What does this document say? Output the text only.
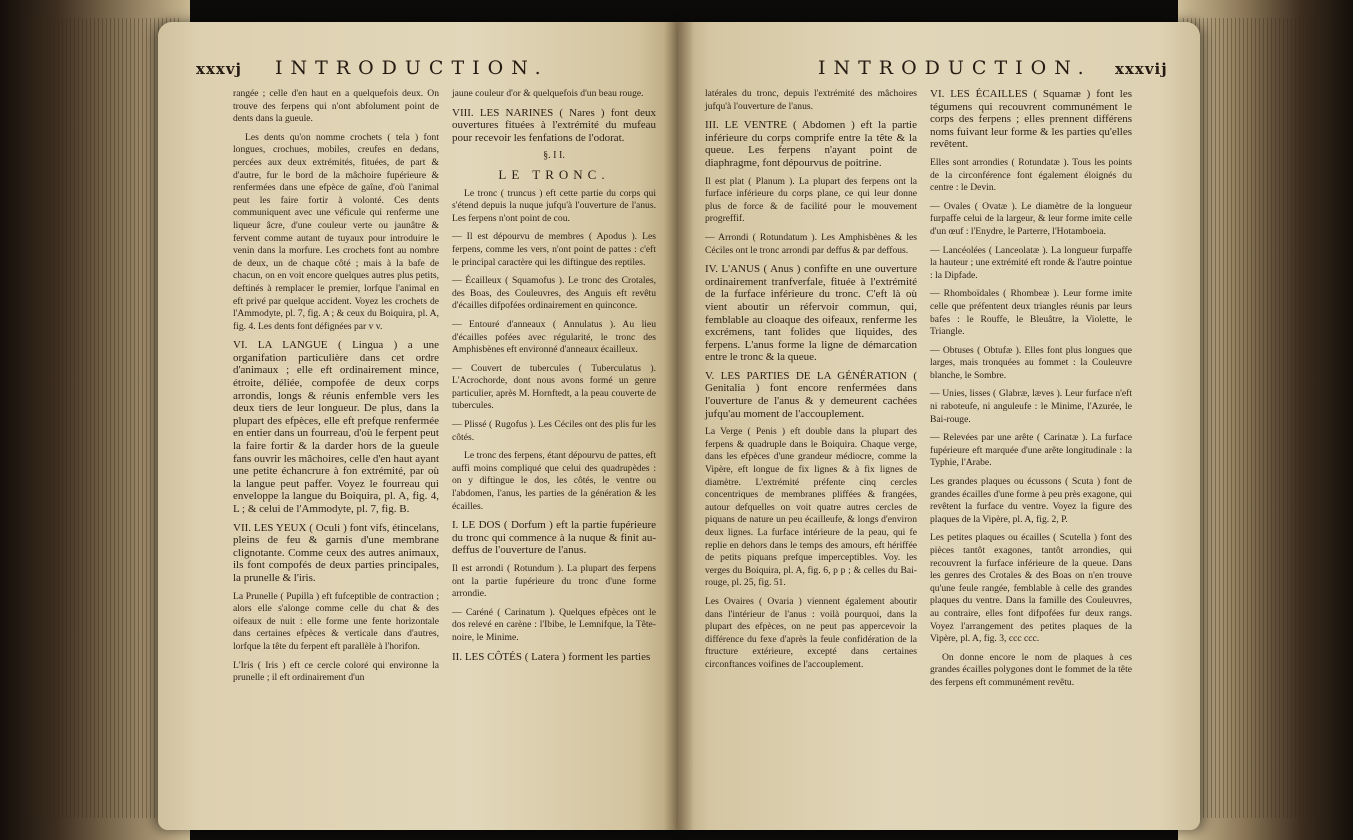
xxxvj INTRODUCTION.

rangée ; celle d'en haut en a quelquefois deux. On trouve des ferpens qui n'ont abfolument point de dents dans la gueule.

Les dents qu'on nomme crochets ( tela ) font longues, crochues, mobiles, creufes en dedans, percées aux deux extrémités, fituées, de part & d'autre, fur le bord de la mâchoire fupérieure & renfermées dans une efpèce de gaîne, d'où l'animal peut les faire fortir à volonté. Ces dents communiquent avec une véficule qui renferme une liqueur âcre, d'une couleur verte ou jaunâtre & fervent comme autant de tuyaux pour introduire le venin dans la morfure. Les crochets font au nombre de deux, un de chaque côté ; mais à la bafe de chacun, on en voit encore quelques autres plus petits, deftinés à remplacer le premier, lorfque l'animal en eft privé par quelque accident. Voyez les crochets de l'Ammodyte, pl. 7, fig. A ; & ceux du Boiquira, pl. A, fig. 4. Les dents font défignées par v v.

VI. LA LANGUE ( Lingua ) a une organifation particulière dans cet ordre d'animaux ; elle eft ordinairement mince, étroite, déliée, compofée de deux corps arrondis, longs & réunis enfemble vers les deux tiers de leur longueur. De plus, dans la plupart des efpèces, elle eft prefque renfermée en entier dans un fourreau, d'où le ferpent peut la faire fortir & la darder hors de la gueule fans ouvrir les mâchoires, celle d'en haut ayant une petite échancrure à fon extrémité, par où la langue peut paffer. Voyez le fourreau qui enveloppe la langue du Boiquira, pl. A, fig. 4, L ; & celui de l'Ammodyte, pl. 7, fig. B.

VII. LES YEUX ( Oculi ) font vifs, étincelans, pleins de feu & garnis d'une membrane clignotante. Comme ceux des autres animaux, ils font compofés de deux parties principales, la prunelle & l'iris.

La Prunelle ( Pupilla ) eft fufceptible de contraction ; alors elle s'alonge comme celle du chat & des oifeaux de nuit : elle forme une fente horizontale dans certaines efpèces & verticale dans d'autres, lorfque la tête du ferpent eft parallèle à l'horifon.

L'Iris ( Iris ) eft ce cercle coloré qui environne la prunelle ; il eft ordinairement d'un

jaune couleur d'or & quelquefois d'un beau rouge.

VIII. LES NARINES ( Nares ) font deux ouvertures fituées à l'extrémité du mufeau pour recevoir les fenfations de l'odorat.

§. I I.
LE TRONC.

Le tronc ( truncus ) eft cette partie du corps qui s'étend depuis la nuque jufqu'à l'ouverture de l'anus. Les ferpens n'ont point de cou.

— Il est dépourvu de membres ( Apodus ). Les ferpens, comme les vers, n'ont point de pattes : c'eft le principal caractère qui les diftingue des reptiles.

— Écailleux ( Squamofus ). Le tronc des Crotales, des Boas, des Couleuvres, des Anguis eft revêtu d'écailles difpofées ordinairement en quinconce.

— Entouré d'anneaux ( Annulatus ). Au lieu d'écailles pofées avec régularité, le tronc des Amphisbènes eft environné d'anneaux écailleux.

— Couvert de tubercules ( Tuberculatus ). L'Acrochorde, dont nous avons formé un genre particulier, après M. Hornftedt, a la peau couverte de tubercules.

— Plissé ( Rugofus ). Les Céciles ont des plis fur les côtés.

Le tronc des ferpens, étant dépourvu de pattes, eft auffi moins compliqué que celui des quadrupèdes : on y diftingue le dos, les côtés, le ventre ou l'abdomen, l'anus, les parties de la génération & les écailles.

I. LE DOS ( Dorfum ) eft la partie fupérieure du tronc qui commence à la nuque & finit au-deffus de l'ouverture de l'anus.

Il est arrondi ( Rotundum ). La plupart des ferpens ont la partie fupérieure du tronc d'une forme arrondie.

— Caréné ( Carinatum ). Quelques efpèces ont le dos relevé en carène : l'Ibibe, le Lemnifque, la Tête-noire, le Minime.

II. LES CÔTÉS ( Latera ) forment les parties

INTRODUCTION. xxxvij

latérales du tronc, depuis l'extrémité des mâchoires jufqu'à l'ouverture de l'anus.

III. LE VENTRE ( Abdomen ) eft la partie inférieure du corps comprife entre la tête & la queue. Les ferpens n'ayant point de diaphragme, font dépourvus de poitrine.

Il est plat ( Planum ). La plupart des ferpens ont la furface inférieure du corps plane, ce qui leur donne plus de force & de facilité pour le mouvement progreffif.

— Arrondi ( Rotundatum ). Les Amphisbènes & les Céciles ont le tronc arrondi par deffus & par deffous.

IV. L'ANUS ( Anus ) confifte en une ouverture ordinairement tranfverfale, fituée à l'extrémité de la furface inférieure du tronc. C'eft là où vient aboutir un réfervoir commun, qui, femblable au cloaque des oifeaux, renferme les excrémens, tant folides que liquides, des ferpens. L'anus forme la ligne de démarcation entre le tronc & la queue.

V. LES PARTIES DE LA GÉNÉRATION ( Genitalia ) font encore renfermées dans l'ouverture de l'anus & y demeurent cachées jufqu'au moment de l'accouplement.

La Verge ( Penis ) eft double dans la plupart des ferpens & quadruple dans le Boiquira. Chaque verge, dans les efpèces d'une grandeur médiocre, comme la Vipère, eft longue de fix lignes & à fix lignes de diamètre. L'extrémité préfente cinq cercles concentriques de membranes pliffées & frangées, autour defquelles on voit quatre autres cercles de piquans de nature un peu écailleufe, & longs d'environ deux lignes. La furface intérieure de la peau, qui fe replie en dehors dans le temps des amours, eft hériffée de petits piquans prefque imperceptibles. Voy. les verges du Boiquira, pl. A, fig. 6, p p ; & celles du Bai-rouge, pl. 25, fig. 51.

Les Ovaires ( Ovaria ) viennent également aboutir dans l'intérieur de l'anus : voilà pourquoi, dans la plupart des efpèces, on ne peut pas appercevoir la différence du fexe d'après la feule confidération de la ftructure extérieure, excepté dans certaines circonftances voifines de l'accouplement.

VI. LES ÉCAILLES ( Squamæ ) font les tégumens qui recouvrent communément le corps des ferpens ; elles prennent différens noms fuivant leur forme & les parties qu'elles revêtent.

Elles sont arrondies ( Rotundatæ ). Tous les points de la circonférence font également éloignés du centre : le Devin.

— Ovales ( Ovatæ ). Le diamètre de la longueur furpaffe celui de la largeur, & leur forme imite celle d'un œuf : l'Enydre, le Parterre, l'Hotamboeia.

— Lancéolées ( Lanceolatæ ). La longueur furpaffe la hauteur ; une extrémité eft ronde & l'autre pointue : la Dipfade.

— Rhomboïdales ( Rhombeæ ). Leur forme imite celle que préfentent deux triangles réunis par leurs bafes : le Rouffe, le Bleuâtre, la Violette, le Triangle.

— Obtuses ( Obtufæ ). Elles font plus longues que larges, mais tronquées au fommet : la Couleuvre blanche, le Sombre.

— Unies, lisses ( Glabræ, læves ). Leur furface n'eft ni raboteufe, ni anguleufe : le Minime, l'Azurée, le Bai-rouge.

— Relevées par une arête ( Carinatæ ). La furface fupérieure eft marquée d'une arête longitudinale : la Typhie, l'Arabe.

Les grandes plaques ou écussons ( Scuta ) font de grandes écailles d'une forme à peu près exagone, qui revêtent la furface du ventre. Voyez la figure des plaques de la Vipère, pl. A, fig. 2, P.

Les petites plaques ou écailles ( Scutella ) font des pièces tantôt exagones, tantôt arrondies, qui recouvrent la furface inférieure de la queue. Dans les genres des Crotales & des Boas on n'en trouve qu'une feule rangée, femblable à celle des grandes plaques du ventre. Dans la famille des Couleuvres, au contraire, elles font difpofées fur deux rangs. Voyez l'arrangement des petites plaques de la Vipère, pl. A, fig. 3, ccc ccc.

On donne encore le nom de plaques à ces grandes écailles polygones dont le fommet de la tête des ferpens eft communément revêtu.
